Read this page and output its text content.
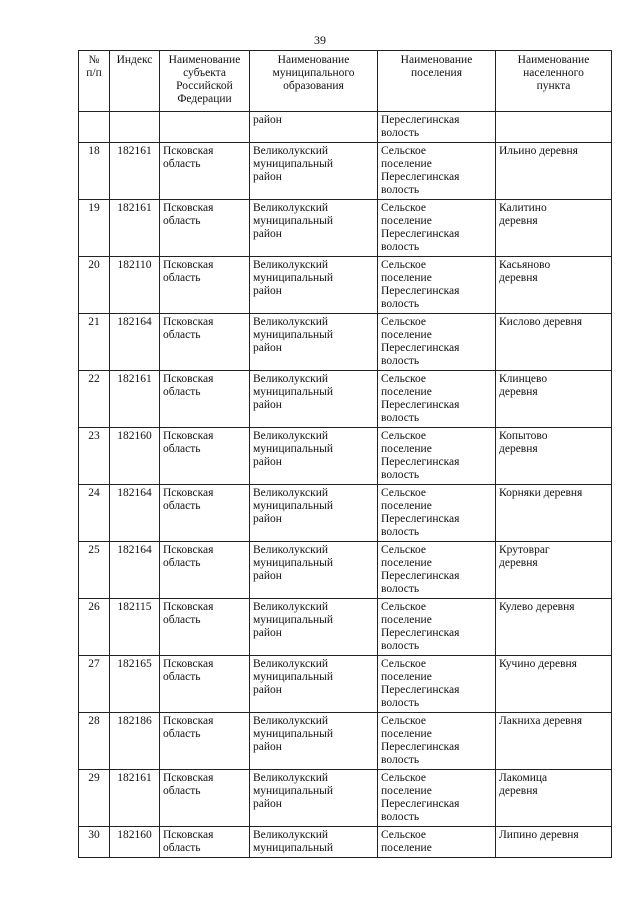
39
№
п/п	Индекс	Наименование
субъекта
Российской
Федерации	Наименование
муниципального
образования	Наименование
поселения	Наименование
населенного
пункта
			район	Переслегинская
волость	
18	182161	Псковская
область	Великолукский
муниципальный
район	Сельское
поселение
Переслегинская
волость	Ильино деревня
19	182161	Псковская
область	Великолукский
муниципальный
район	Сельское
поселение
Переслегинская
волость	Калитино
деревня
20	182110	Псковская
область	Великолукский
муниципальный
район	Сельское
поселение
Переслегинская
волость	Касьяново
деревня
21	182164	Псковская
область	Великолукский
муниципальный
район	Сельское
поселение
Переслегинская
волость	Кислово деревня
22	182161	Псковская
область	Великолукский
муниципальный
район	Сельское
поселение
Переслегинская
волость	Клинцево
деревня
23	182160	Псковская
область	Великолукский
муниципальный
район	Сельское
поселение
Переслегинская
волость	Копытово
деревня
24	182164	Псковская
область	Великолукский
муниципальный
район	Сельское
поселение
Переслегинская
волость	Корняки деревня
25	182164	Псковская
область	Великолукский
муниципальный
район	Сельское
поселение
Переслегинская
волость	Крутовраг
деревня
26	182115	Псковская
область	Великолукский
муниципальный
район	Сельское
поселение
Переслегинская
волость	Кулево деревня
27	182165	Псковская
область	Великолукский
муниципальный
район	Сельское
поселение
Переслегинская
волость	Кучино деревня
28	182186	Псковская
область	Великолукский
муниципальный
район	Сельское
поселение
Переслегинская
волость	Лакниха деревня
29	182161	Псковская
область	Великолукский
муниципальный
район	Сельское
поселение
Переслегинская
волость	Лакомица
деревня
30	182160	Псковская
область	Великолукский
муниципальный	Сельское
поселение	Липино деревня
